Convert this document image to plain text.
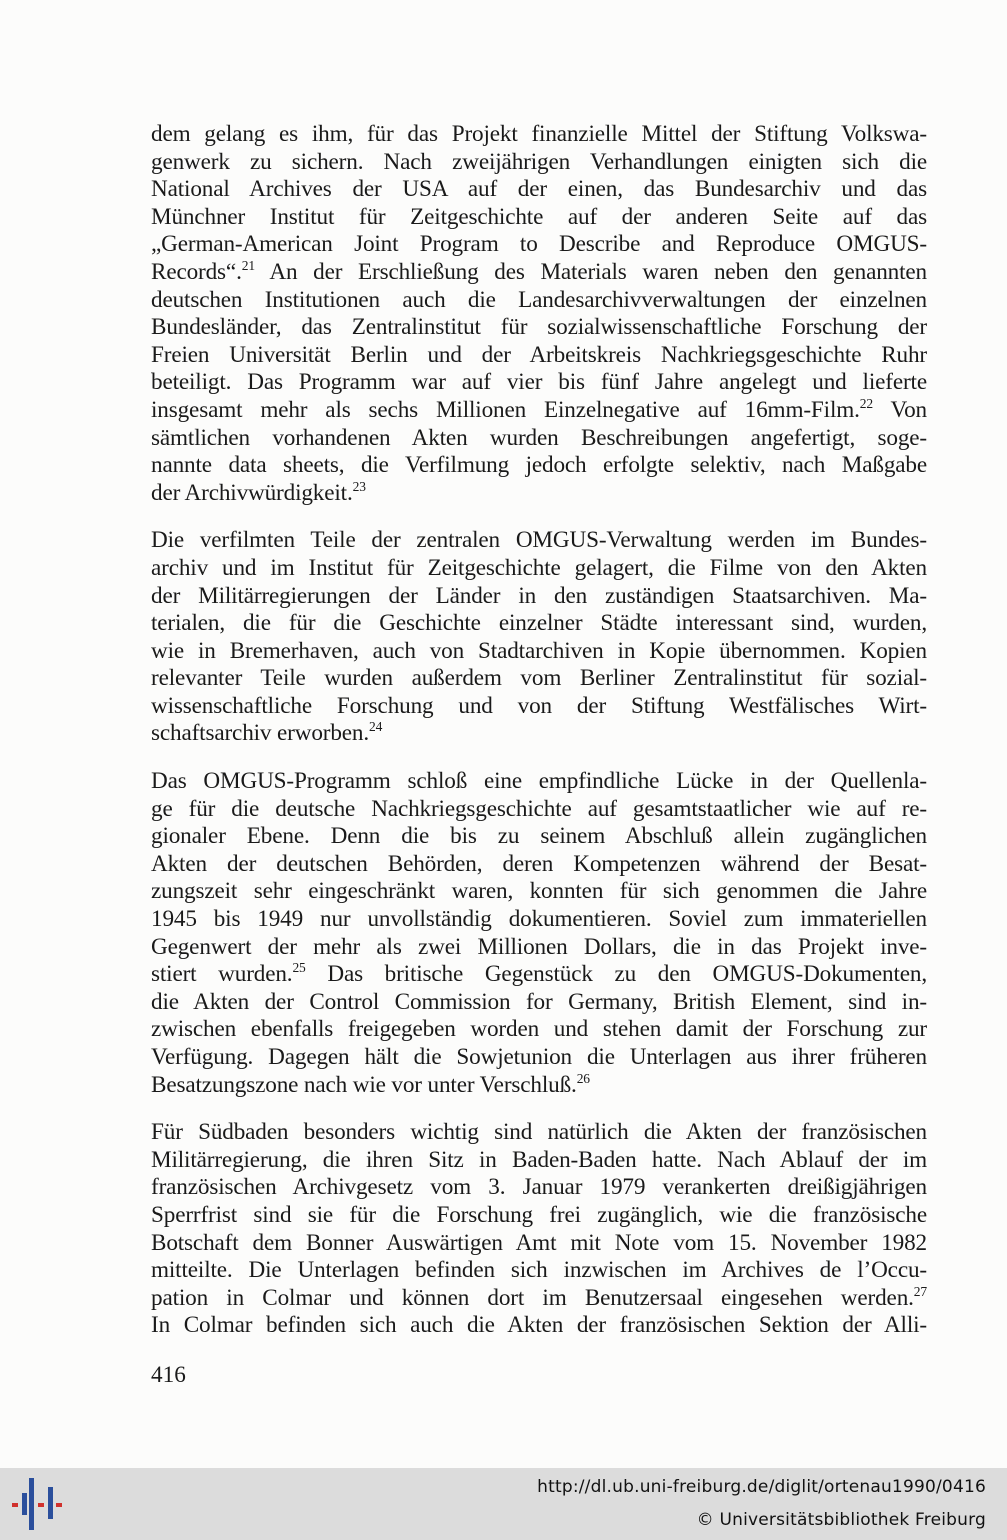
dem gelang es ihm, für das Projekt finanzielle Mittel der Stiftung Volkswa-
genwerk zu sichern. Nach zweijährigen Verhandlungen einigten sich die
National Archives der USA auf der einen, das Bundesarchiv und das
Münchner Institut für Zeitgeschichte auf der anderen Seite auf das
„German-American Joint Program to Describe and Reproduce OMGUS-
Records“.$^{21}$ An der Erschließung des Materials waren neben den genannten
deutschen Institutionen auch die Landesarchivverwaltungen der einzelnen
Bundesländer, das Zentralinstitut für sozialwissenschaftliche Forschung der
Freien Universität Berlin und der Arbeitskreis Nachkriegsgeschichte Ruhr
beteiligt. Das Programm war auf vier bis fünf Jahre angelegt und lieferte
insgesamt mehr als sechs Millionen Einzelnegative auf 16mm-Film.$^{22}$ Von
sämtlichen vorhandenen Akten wurden Beschreibungen angefertigt, soge-
nannte data sheets, die Verfilmung jedoch erfolgte selektiv, nach Maßgabe
der Archivwürdigkeit.$^{23}$
Die verfilmten Teile der zentralen OMGUS-Verwaltung werden im Bundes-
archiv und im Institut für Zeitgeschichte gelagert, die Filme von den Akten
der Militärregierungen der Länder in den zuständigen Staatsarchiven. Ma-
terialen, die für die Geschichte einzelner Städte interessant sind, wurden,
wie in Bremerhaven, auch von Stadtarchiven in Kopie übernommen. Kopien
relevanter Teile wurden außerdem vom Berliner Zentralinstitut für sozial-
wissenschaftliche Forschung und von der Stiftung Westfälisches Wirt-
schaftsarchiv erworben.$^{24}$
Das OMGUS-Programm schloß eine empfindliche Lücke in der Quellenla-
ge für die deutsche Nachkriegsgeschichte auf gesamtstaatlicher wie auf re-
gionaler Ebene. Denn die bis zu seinem Abschluß allein zugänglichen
Akten der deutschen Behörden, deren Kompetenzen während der Besat-
zungszeit sehr eingeschränkt waren, konnten für sich genommen die Jahre
1945 bis 1949 nur unvollständig dokumentieren. Soviel zum immateriellen
Gegenwert der mehr als zwei Millionen Dollars, die in das Projekt inve-
stiert wurden.$^{25}$ Das britische Gegenstück zu den OMGUS-Dokumenten,
die Akten der Control Commission for Germany, British Element, sind in-
zwischen ebenfalls freigegeben worden und stehen damit der Forschung zur
Verfügung. Dagegen hält die Sowjetunion die Unterlagen aus ihrer früheren
Besatzungszone nach wie vor unter Verschluß.$^{26}$
Für Südbaden besonders wichtig sind natürlich die Akten der französischen
Militärregierung, die ihren Sitz in Baden-Baden hatte. Nach Ablauf der im
französischen Archivgesetz vom 3. Januar 1979 verankerten dreißigjährigen
Sperrfrist sind sie für die Forschung frei zugänglich, wie die französische
Botschaft dem Bonner Auswärtigen Amt mit Note vom 15. November 1982
mitteilte. Die Unterlagen befinden sich inzwischen im Archives de l’Occu-
pation in Colmar und können dort im Benutzersaal eingesehen werden.$^{27}$
In Colmar befinden sich auch die Akten der französischen Sektion der Alli-
416
http://dl.ub.uni-freiburg.de/diglit/ortenau1990/0416
© Universitätsbibliothek Freiburg
